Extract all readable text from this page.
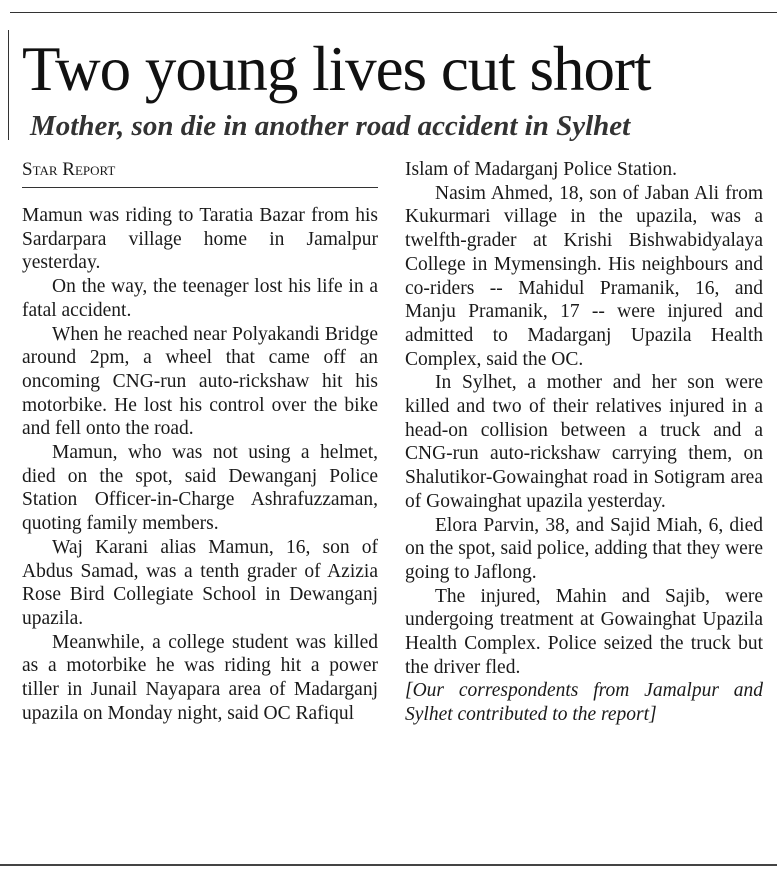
Two young lives cut short
Mother, son die in another road accident in Sylhet
Star Report

Mamun was riding to Taratia Bazar from his Sardarpara village home in Jamalpur yesterday.

On the way, the teenager lost his life in a fatal accident.

When he reached near Polyakandi Bridge around 2pm, a wheel that came off an oncoming CNG-run auto-rickshaw hit his motorbike. He lost his control over the bike and fell onto the road.

Mamun, who was not using a helmet, died on the spot, said Dewanganj Police Station Officer-in-Charge Ashrafuzzaman, quoting family members.

Waj Karani alias Mamun, 16, son of Abdus Samad, was a tenth grader of Azizia Rose Bird Collegiate School in Dewanganj upazila.

Meanwhile, a college student was killed as a motorbike he was riding hit a power tiller in Junail Nayapara area of Madarganj upazila on Monday night, said OC Rafiqul

Islam of Madarganj Police Station.

Nasim Ahmed, 18, son of Jaban Ali from Kukurmari village in the upazila, was a twelfth-grader at Krishi Bishwabidyalaya College in Mymensingh. His neighbours and co-riders -- Mahidul Pramanik, 16, and Manju Pramanik, 17 -- were injured and admitted to Madarganj Upazila Health Complex, said the OC.

In Sylhet, a mother and her son were killed and two of their relatives injured in a head-on collision between a truck and a CNG-run auto-rickshaw carrying them, on Shalutikor-Gowainghat road in Sotigram area of Gowainghat upazila yesterday.

Elora Parvin, 38, and Sajid Miah, 6, died on the spot, said police, adding that they were going to Jaflong.

The injured, Mahin and Sajib, were undergoing treatment at Gowainghat Upazila Health Complex. Police seized the truck but the driver fled.

[Our correspondents from Jamalpur and Sylhet contributed to the report]
